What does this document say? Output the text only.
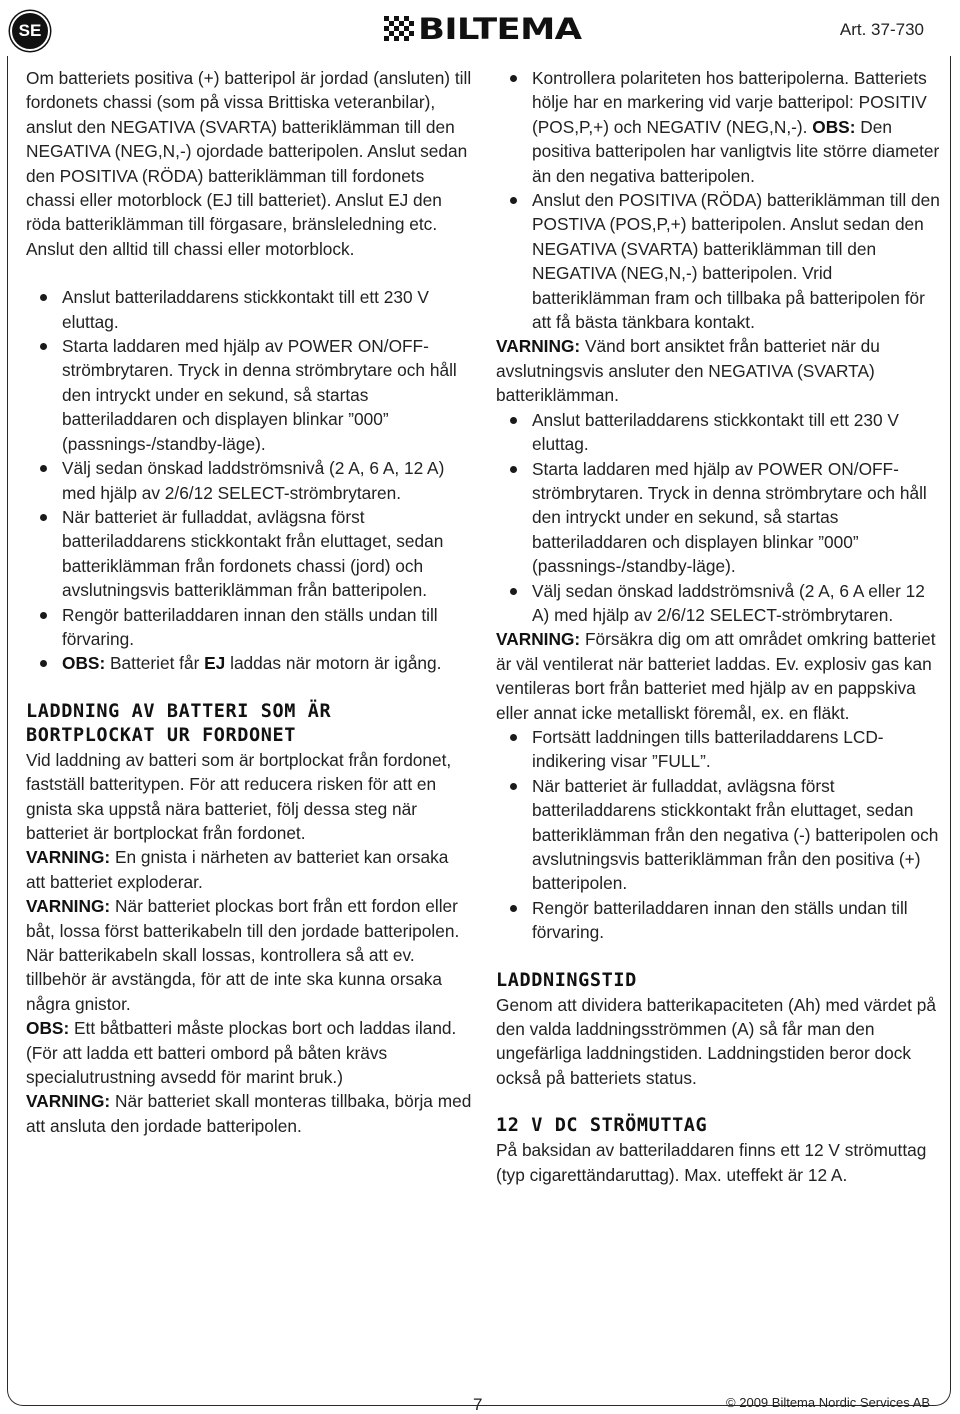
SE	BILTEMA	Art. 37-730

Om batteriets positiva (+) batteripol är jordad (ansluten) till fordonets chassi (som på vissa Brittiska veteranbilar), anslut den NEGATIVA (SVARTA) batteriklämman till den NEGATIVA (NEG,N,-) ojordade batteripolen. Anslut sedan den POSITIVA (RÖDA) batteriklämman till fordonets chassi eller motorblock (EJ till batteriet). Anslut EJ den röda batteriklämman till förgasare, bränsleledning etc. Anslut den alltid till chassi eller motorblock.

Anslut batteriladdarens stickkontakt till ett 230 V eluttag.
Starta laddaren med hjälp av POWER ON/OFF-strömbrytaren. Tryck in denna strömbrytare och håll den intryckt under en sekund, så startas batteriladdaren och displayen blinkar ”000” (passnings-/standby-läge).
Välj sedan önskad laddströmsnivå (2 A, 6 A, 12 A) med hjälp av 2/6/12 SELECT-strömbrytaren.
När batteriet är fulladdat, avlägsna först batteriladdarens stickkontakt från eluttaget, sedan batteriklämman från fordonets chassi (jord) och avslutningsvis batteriklämman från batteripolen.
Rengör batteriladdaren innan den ställs undan till förvaring.
OBS: Batteriet får EJ laddas när motorn är igång.
LADDNING AV BATTERI SOM ÄR BORTPLOCKAT UR FORDONET

Vid laddning av batteri som är bortplockat från fordonet, fastställ batteritypen. För att reducera risken för att en gnista ska uppstå nära batteriet, följ dessa steg när batteriet är bortplockat från fordonet.

VARNING: En gnista i närheten av batteriet kan orsaka att batteriet exploderar.

VARNING: När batteriet plockas bort från ett fordon eller båt, lossa först batterikabeln till den jordade batteripolen. När batterikabeln skall lossas, kontrollera så att ev. tillbehör är avstängda, för att de inte ska kunna orsaka några gnistor.

OBS: Ett båtbatteri måste plockas bort och laddas iland. (För att ladda ett batteri ombord på båten krävs specialutrustning avsedd för marint bruk.)

VARNING: När batteriet skall monteras tillbaka, börja med att ansluta den jordade batteripolen.

Kontrollera polariteten hos batteripolerna. Batteriets hölje har en markering vid varje batteripol: POSITIV (POS,P,+) och NEGATIV (NEG,N,-). OBS: Den positiva batteripolen har vanligtvis lite större diameter än den negativa batteripolen.
Anslut den POSITIVA (RÖDA) batteriklämman till den POSTIVA (POS,P,+) batteripolen. Anslut sedan den NEGATIVA (SVARTA) batteriklämman till den NEGATIVA (NEG,N,-) batteripolen. Vrid batteriklämman fram och tillbaka på batteripolen för att få bästa tänkbara kontakt.

VARNING: Vänd bort ansiktet från batteriet när du avslutningsvis ansluter den NEGATIVA (SVARTA) batteriklämman.

Anslut batteriladdarens stickkontakt till ett 230 V eluttag.
Starta laddaren med hjälp av POWER ON/OFF-strömbrytaren. Tryck in denna strömbrytare och håll den intryckt under en sekund, så startas batteriladdaren och displayen blinkar ”000” (passnings-/standby-läge).
Välj sedan önskad laddströmsnivå (2 A, 6 A eller 12 A) med hjälp av 2/6/12 SELECT-strömbrytaren.

VARNING: Försäkra dig om att området omkring batteriet är väl ventilerat när batteriet laddas. Ev. explosiv gas kan ventileras bort från batteriet med hjälp av en pappskiva eller annat icke metalliskt föremål, ex. en fläkt.

Fortsätt laddningen tills batteriladdarens LCD-indikering visar ”FULL”.
När batteriet är fulladdat, avlägsna först batteriladdarens stickkontakt från eluttaget, sedan batteriklämman från den negativa (-) batteripolen och avslutningsvis batteriklämman från den positiva (+) batteripolen.
Rengör batteriladdaren innan den ställs undan till förvaring.
LADDNINGSTID

Genom att dividera batterikapaciteten (Ah) med värdet på den valda laddningsströmmen (A) så får man den ungefärliga laddningstiden. Laddningstiden beror dock också på batteriets status.

12 V DC STRÖMUTTAG

På baksidan av batteriladdaren finns ett 12 V strömuttag (typ cigarettändaruttag). Max. uteffekt är 12 A.

7	© 2009 Biltema Nordic Services AB
